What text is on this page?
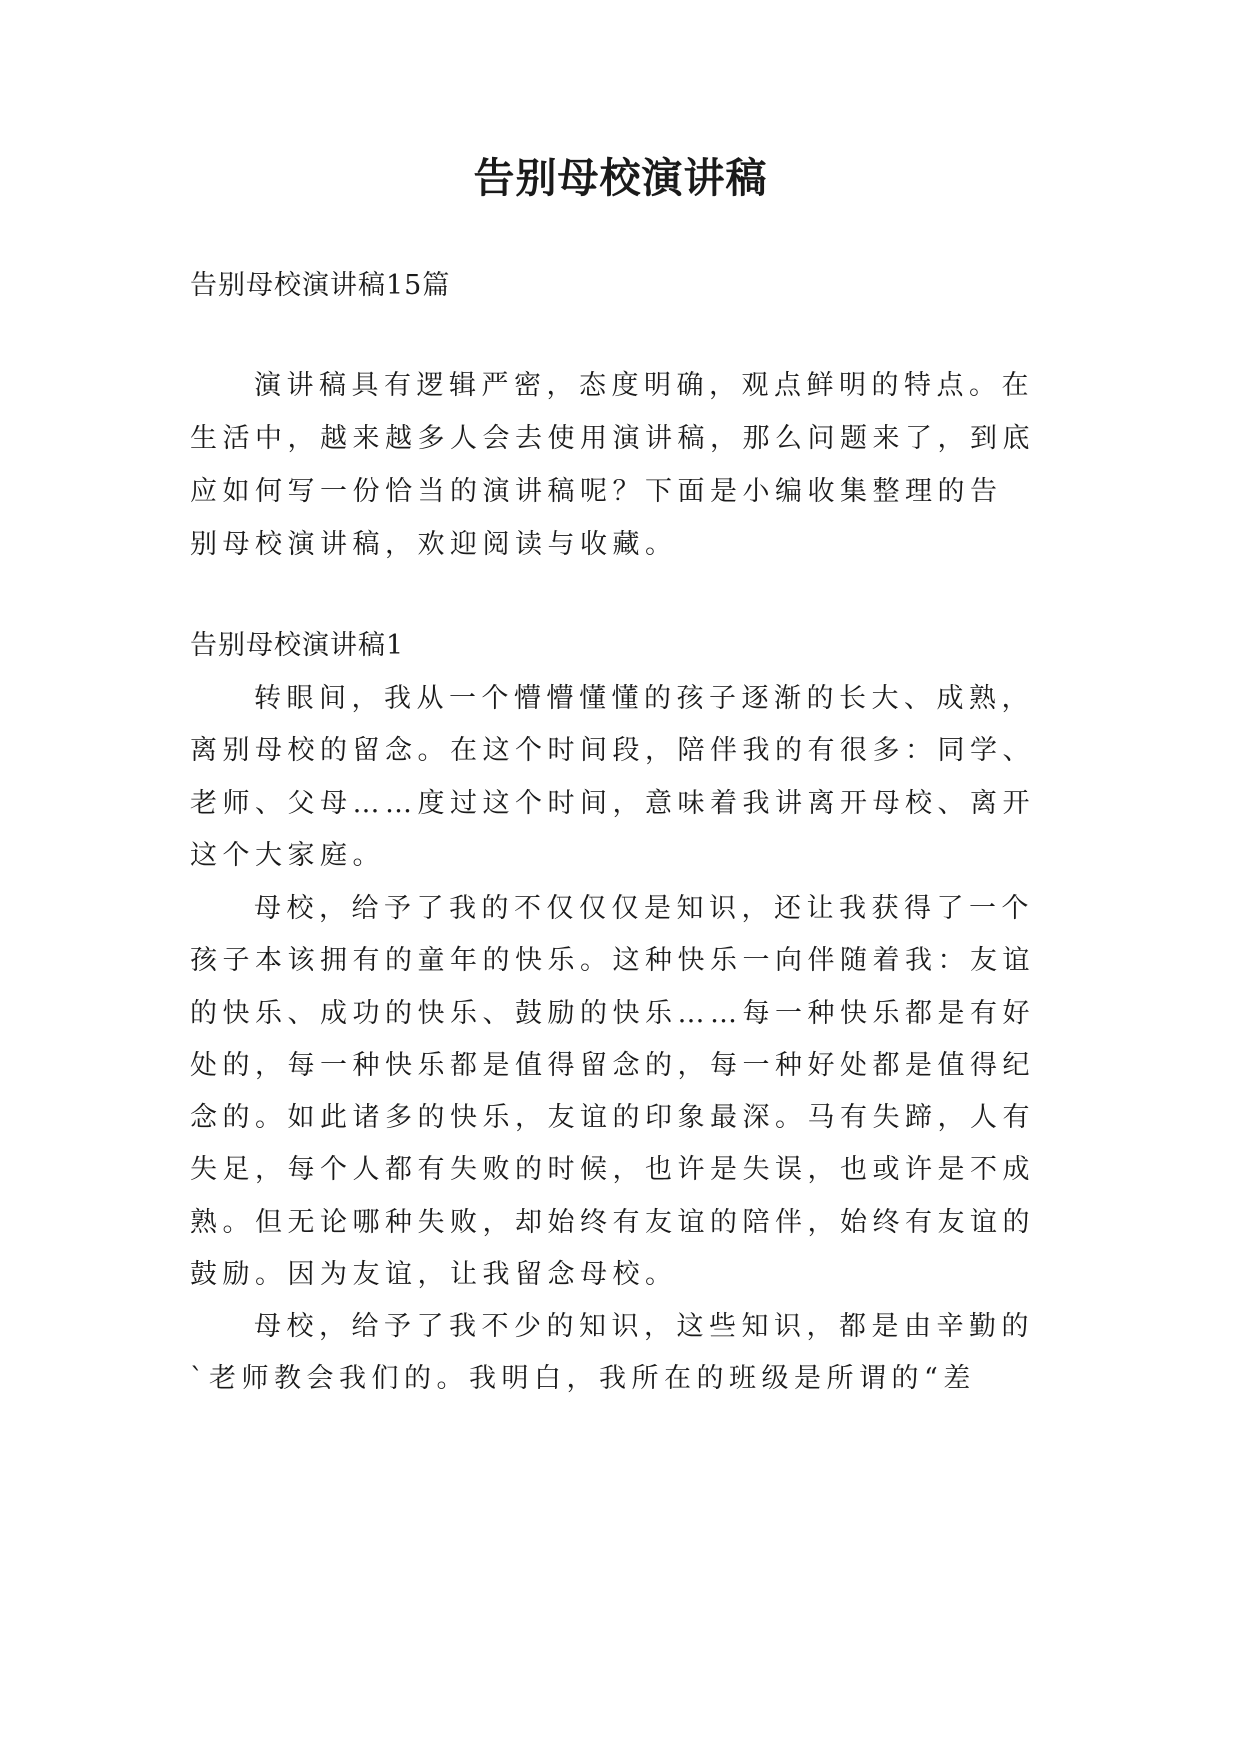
告别母校演讲稿

告别母校演讲稿15篇

演讲稿具有逻辑严密，态度明确，观点鲜明的特点。在

生活中，越来越多人会去使用演讲稿，那么问题来了，到底

应如何写一份恰当的演讲稿呢？下面是小编收集整理的告

别母校演讲稿，欢迎阅读与收藏。

告别母校演讲稿1

转眼间，我从一个懵懵懂懂的孩子逐渐的长大、成熟，

离别母校的留念。在这个时间段，陪伴我的有很多：同学、

老师、父母……度过这个时间，意味着我讲离开母校、离开

这个大家庭。

母校，给予了我的不仅仅仅是知识，还让我获得了一个

孩子本该拥有的童年的快乐。这种快乐一向伴随着我：友谊

的快乐、成功的快乐、鼓励的快乐……每一种快乐都是有好

处的，每一种快乐都是值得留念的，每一种好处都是值得纪

念的。如此诸多的快乐，友谊的印象最深。马有失蹄，人有

失足，每个人都有失败的时候，也许是失误，也或许是不成

熟。但无论哪种失败，却始终有友谊的陪伴，始终有友谊的

鼓励。因为友谊，让我留念母校。

母校，给予了我不少的知识，这些知识，都是由辛勤的

`老师教会我们的。我明白，我所在的班级是所谓的“差
